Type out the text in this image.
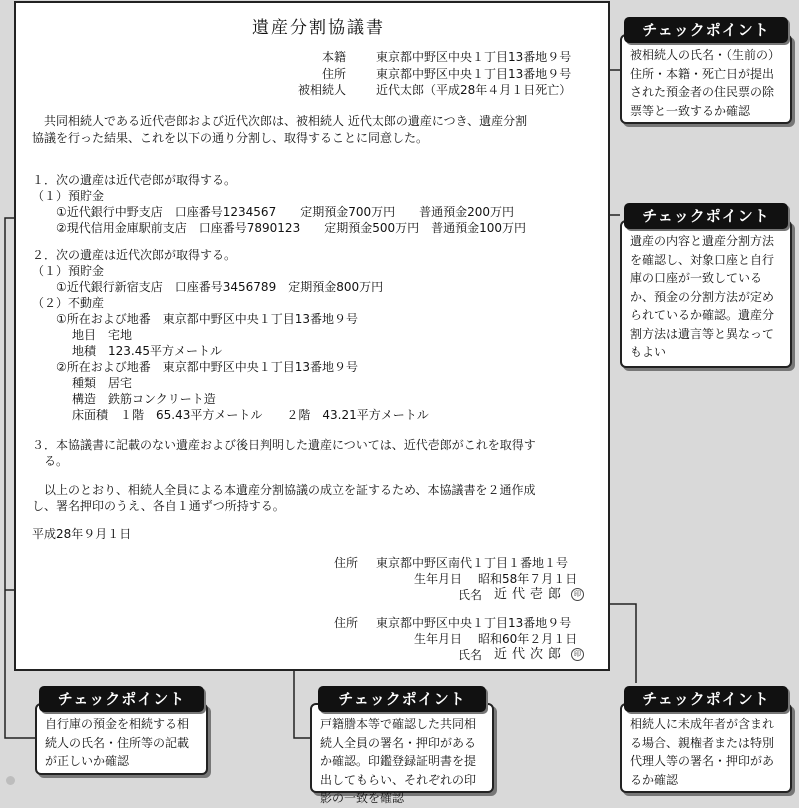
遺産分割協議書
本籍 東京都中野区中央１丁目13番地９号
住所 東京都中野区中央１丁目13番地９号
被相続人 近代太郎（平成28年４月１日死亡）
共同相続人である近代壱郎および近代次郎は、被相続人 近代太郎の遺産につき、遺産分割
協議を行った結果、これを以下の通り分割し、取得することに同意した。
１．次の遺産は近代壱郎が取得する。
（１）預貯金
①近代銀行中野支店　口座番号1234567　　定期預金700万円　　普通預金200万円
②現代信用金庫駅前支店　口座番号7890123　　定期預金500万円　普通預金100万円
２．次の遺産は近代次郎が取得する。
（１）預貯金
①近代銀行新宿支店　口座番号3456789　定期預金800万円
（２）不動産
①所在および地番　東京都中野区中央１丁目13番地９号
地目　宅地
地積　123.45平方メートル
②所在および地番　東京都中野区中央１丁目13番地９号
種類　居宅
構造　鉄筋コンクリート造
床面積　１階　65.43平方メートル　　２階　43.21平方メートル
３．本協議書に記載のない遺産および後日判明した遺産については、近代壱郎がこれを取得す
る。
以上のとおり、相続人全員による本遺産分割協議の成立を証するため、本協議書を２通作成
し、署名押印のうえ、各自１通ずつ所持する。
平成28年９月１日
住所 東京都中野区南代１丁目１番地１号
生年月日 昭和58年７月１日
氏名 近代壱郎 印
住所 東京都中野区中央１丁目13番地９号
生年月日 昭和60年２月１日
氏名 近代次郎 印
被相続人の氏名・（生前の）住所・本籍・死亡日が提出された預金者の住民票の除票等と一致するか確認
チェックポイント
遺産の内容と遺産分割方法を確認し、対象口座と自行庫の口座が一致しているか、預金の分割方法が定められているか確認。遺産分割方法は遺言等と異なってもよい
チェックポイント
自行庫の預金を相続する相続人の氏名・住所等の記載が正しいか確認
チェックポイント
戸籍謄本等で確認した共同相続人全員の署名・押印があるか確認。印鑑登録証明書を提出してもらい、それぞれの印影の一致を確認
チェックポイント
相続人に未成年者が含まれる場合、親権者または特別代理人等の署名・押印があるか確認
チェックポイント
